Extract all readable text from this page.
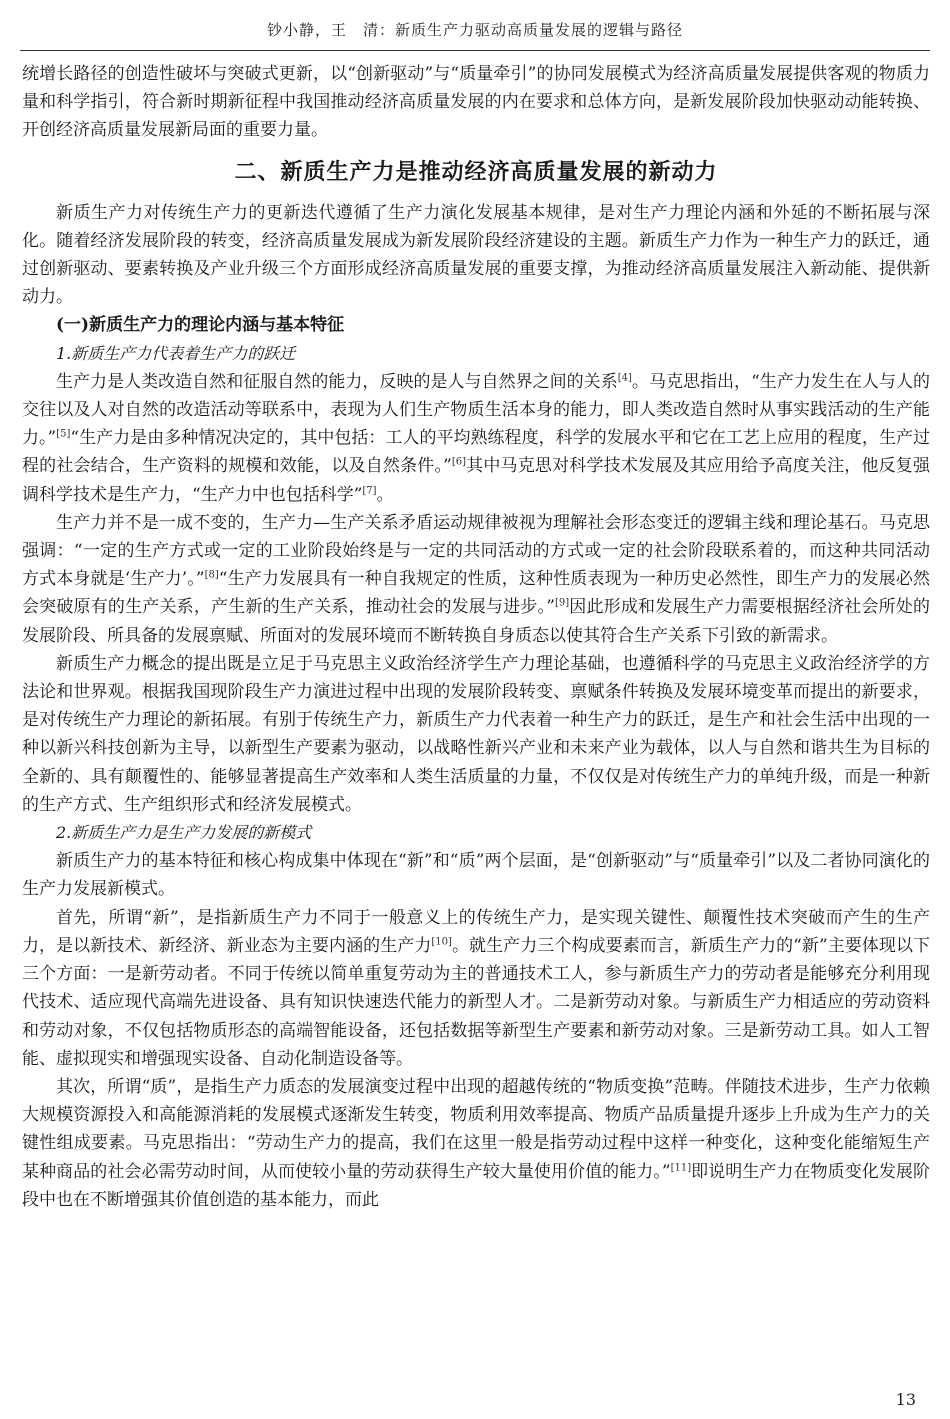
钞小静，王　清：新质生产力驱动高质量发展的逻辑与路径

统增长路径的创造性破坏与突破式更新，以“创新驱动”与“质量牵引”的协同发展模式为经济高质量发展提供客观的物质力量和科学指引，符合新时期新征程中我国推动经济高质量发展的内在要求和总体方向，是新发展阶段加快驱动动能转换、开创经济高质量发展新局面的重要力量。

二、新质生产力是推动经济高质量发展的新动力

新质生产力对传统生产力的更新迭代遵循了生产力演化发展基本规律，是对生产力理论内涵和外延的不断拓展与深化。随着经济发展阶段的转变，经济高质量发展成为新发展阶段经济建设的主题。新质生产力作为一种生产力的跃迁，通过创新驱动、要素转换及产业升级三个方面形成经济高质量发展的重要支撑，为推动经济高质量发展注入新动能、提供新动力。

(一)新质生产力的理论内涵与基本特征
1.新质生产力代表着生产力的跃迁

生产力是人类改造自然和征服自然的能力，反映的是人与自然界之间的关系[4]。马克思指出，“生产力发生在人与人的交往以及人对自然的改造活动等联系中，表现为人们生产物质生活本身的能力，即人类改造自然时从事实践活动的生产能力。”[5]“生产力是由多种情况决定的，其中包括：工人的平均熟练程度，科学的发展水平和它在工艺上应用的程度，生产过程的社会结合，生产资料的规模和效能，以及自然条件。”[6]其中马克思对科学技术发展及其应用给予高度关注，他反复强调科学技术是生产力，“生产力中也包括科学”[7]。

生产力并不是一成不变的，生产力—生产关系矛盾运动规律被视为理解社会形态变迁的逻辑主线和理论基石。马克思强调：“一定的生产方式或一定的工业阶段始终是与一定的共同活动的方式或一定的社会阶段联系着的，而这种共同活动方式本身就是‘生产力’。”[8]“生产力发展具有一种自我规定的性质，这种性质表现为一种历史必然性，即生产力的发展必然会突破原有的生产关系，产生新的生产关系，推动社会的发展与进步。”[9]因此形成和发展生产力需要根据经济社会所处的发展阶段、所具备的发展禀赋、所面对的发展环境而不断转换自身质态以使其符合生产关系下引致的新需求。

新质生产力概念的提出既是立足于马克思主义政治经济学生产力理论基础，也遵循科学的马克思主义政治经济学的方法论和世界观。根据我国现阶段生产力演进过程中出现的发展阶段转变、禀赋条件转换及发展环境变革而提出的新要求，是对传统生产力理论的新拓展。有别于传统生产力，新质生产力代表着一种生产力的跃迁，是生产和社会生活中出现的一种以新兴科技创新为主导，以新型生产要素为驱动，以战略性新兴产业和未来产业为载体，以人与自然和谐共生为目标的全新的、具有颠覆性的、能够显著提高生产效率和人类生活质量的力量，不仅仅是对传统生产力的单纯升级，而是一种新的生产方式、生产组织形式和经济发展模式。

2.新质生产力是生产力发展的新模式

新质生产力的基本特征和核心构成集中体现在“新”和“质”两个层面，是“创新驱动”与“质量牵引”以及二者协同演化的生产力发展新模式。

首先，所谓“新”，是指新质生产力不同于一般意义上的传统生产力，是实现关键性、颠覆性技术突破而产生的生产力，是以新技术、新经济、新业态为主要内涵的生产力[10]。就生产力三个构成要素而言，新质生产力的“新”主要体现以下三个方面：一是新劳动者。不同于传统以简单重复劳动为主的普通技术工人，参与新质生产力的劳动者是能够充分利用现代技术、适应现代高端先进设备、具有知识快速迭代能力的新型人才。二是新劳动对象。与新质生产力相适应的劳动资料和劳动对象，不仅包括物质形态的高端智能设备，还包括数据等新型生产要素和新劳动对象。三是新劳动工具。如人工智能、虚拟现实和增强现实设备、自动化制造设备等。

其次，所谓“质”，是指生产力质态的发展演变过程中出现的超越传统的“物质变换”范畴。伴随技术进步，生产力依赖大规模资源投入和高能源消耗的发展模式逐渐发生转变，物质利用效率提高、物质产品质量提升逐步上升成为生产力的关键性组成要素。马克思指出：“劳动生产力的提高，我们在这里一般是指劳动过程中这样一种变化，这种变化能缩短生产某种商品的社会必需劳动时间，从而使较小量的劳动获得生产较大量使用价值的能力。”[11]即说明生产力在物质变化发展阶段中也在不断增强其价值创造的基本能力，而此

13
